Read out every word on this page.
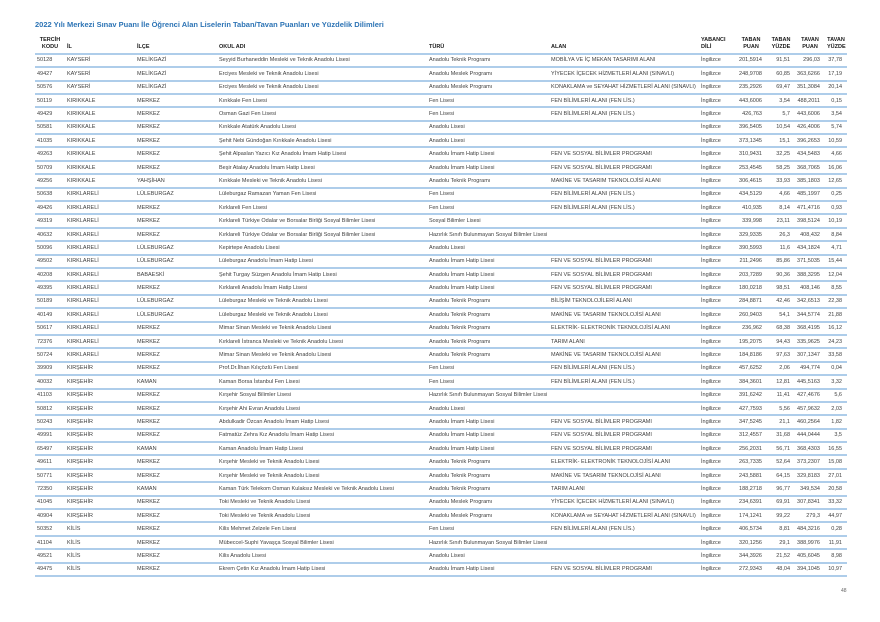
2022 Yılı Merkezi Sınav Puanı İle Öğrenci Alan Liselerin Taban/Tavan Puanları ve Yüzdelik Dilimleri
TERCİH KODU	İL	İLÇE	OKUL ADI	TÜRÜ	ALAN	YABANCI DİLİ	TABAN PUAN	TABAN YÜZDE	TAVAN PUAN	TAVAN YÜZDE
50128	KAYSERİ	MELİKGAZİ	Seyyid Burhaneddin Mesleki ve Teknik Anadolu Lisesi	Anadolu Teknik Programı	MOBİLYA VE İÇ MEKAN TASARIMI ALANI	İngilizce	201,5914	91,51	296,03	37,78
49427	KAYSERİ	MELİKGAZİ	Erciyes Mesleki ve Teknik Anadolu Lisesi	Anadolu Meslek Programı	YİYECEK İÇECEK HİZMETLERİ ALANI (SINAVLI)	İngilizce	248,9708	60,85	363,6266	17,19
50576	KAYSERİ	MELİKGAZİ	Erciyes Mesleki ve Teknik Anadolu Lisesi	Anadolu Meslek Programı	KONAKLAMA ve SEYAHAT HİZMETLERİ ALANI (SINAVLI)	İngilizce	235,2926	69,47	351,3084	20,14
50119	KIRIKKALE	MERKEZ	Kırıkkale Fen Lisesi	Fen Lisesi	FEN BİLİMLERİ ALANI (FEN LİS.)	İngilizce	443,6006	3,54	488,2011	0,15
49429	KIRIKKALE	MERKEZ	Osman Gazi Fen Lisesi	Fen Lisesi	FEN BİLİMLERİ ALANI (FEN LİS.)	İngilizce	426,763	5,7	443,6006	3,54
50581	KIRIKKALE	MERKEZ	Kırıkkale Atatürk Anadolu Lisesi	Anadolu Lisesi		İngilizce	396,5405	10,54	426,4006	5,74
41035	KIRIKKALE	MERKEZ	Şehit Nebi Gündoğan Kırıkkale Anadolu Lisesi	Anadolu Lisesi		İngilizce	373,1345	15,1	396,2653	10,59
49263	KIRIKKALE	MERKEZ	Şehit Alpaslan Yazıcı Kız Anadolu İmam Hatip Lisesi	Anadolu İmam Hatip Lisesi	FEN VE SOSYAL BİLİMLER PROGRAMI	İngilizce	310,9431	32,25	434,5483	4,66
50709	KIRIKKALE	MERKEZ	Beşir Atalay Anadolu İmam Hatip Lisesi	Anadolu İmam Hatip Lisesi	FEN VE SOSYAL BİLİMLER PROGRAMI	İngilizce	253,4545	58,25	368,7065	16,06
49256	KIRIKKALE	YAHŞİHAN	Kırıkkale Mesleki ve Teknik Anadolu Lisesi	Anadolu Teknik Programı	MAKİNE VE TASARIM TEKNOLOJİSİ ALANI	İngilizce	306,4615	33,93	385,1803	12,65
50638	KIRKLARELİ	LÜLEBURGAZ	Lüleburgaz Ramazan Yaman Fen Lisesi	Fen Lisesi	FEN BİLİMLERİ ALANI (FEN LİS.)	İngilizce	434,5129	4,66	485,1997	0,25
49426	KIRKLARELİ	MERKEZ	Kırklareli Fen Lisesi	Fen Lisesi	FEN BİLİMLERİ ALANI (FEN LİS.)	İngilizce	410,935	8,14	471,4716	0,93
49319	KIRKLARELİ	MERKEZ	Kırklareli Türkiye Odalar ve Borsalar Birliği Sosyal Bilimler Lisesi	Sosyal Bilimler Lisesi		İngilizce	339,998	23,11	398,5124	10,19
40632	KIRKLARELİ	MERKEZ	Kırklareli Türkiye Odalar ve Borsalar Birliği Sosyal Bilimler Lisesi	Hazırlık Sınıfı Bulunmayan Sosyal Bilimler Lisesi		İngilizce	329,9335	26,3	408,432	8,84
50096	KIRKLARELİ	LÜLEBURGAZ	Kepirtepe Anadolu Lisesi	Anadolu Lisesi		İngilizce	390,5993	11,6	434,1824	4,71
49502	KIRKLARELİ	LÜLEBURGAZ	Lüleburgaz Anadolu İmam Hatip Lisesi	Anadolu İmam Hatip Lisesi	FEN VE SOSYAL BİLİMLER PROGRAMI	İngilizce	211,2496	85,86	371,5035	15,44
40208	KIRKLARELİ	BABAESKİ	Şehit Turgay Süzgen Anadolu İmam Hatip Lisesi	Anadolu İmam Hatip Lisesi	FEN VE SOSYAL BİLİMLER PROGRAMI	İngilizce	203,7289	90,36	388,3295	12,04
49395	KIRKLARELİ	MERKEZ	Kırklareli Anadolu İmam Hatip Lisesi	Anadolu İmam Hatip Lisesi	FEN VE SOSYAL BİLİMLER PROGRAMI	İngilizce	180,0218	98,51	408,146	8,55
50189	KIRKLARELİ	LÜLEBURGAZ	Lüleburgaz Mesleki ve Teknik Anadolu Lisesi	Anadolu Teknik Programı	BİLİŞİM TEKNOLOJİLERİ ALANI	İngilizce	284,8871	42,46	342,6513	22,38
40149	KIRKLARELİ	LÜLEBURGAZ	Lüleburgaz Mesleki ve Teknik Anadolu Lisesi	Anadolu Teknik Programı	MAKİNE VE TASARIM TEKNOLOJİSİ ALANI	İngilizce	260,9403	54,1	344,5774	21,88
50617	KIRKLARELİ	MERKEZ	Mimar Sinan Mesleki ve Teknik Anadolu Lisesi	Anadolu Teknik Programı	ELEKTRİK- ELEKTRONİK TEKNOLOJİSİ ALANI	İngilizce	236,962	68,38	368,4195	16,12
72376	KIRKLARELİ	MERKEZ	Kırklareli İstranca Mesleki ve Teknik Anadolu Lisesi	Anadolu Teknik Programı	TARIM ALANI	İngilizce	195,2075	94,43	335,9625	24,23
50724	KIRKLARELİ	MERKEZ	Mimar Sinan Mesleki ve Teknik Anadolu Lisesi	Anadolu Teknik Programı	MAKİNE VE TASARIM TEKNOLOJİSİ ALANI	İngilizce	184,8186	97,63	307,1347	33,58
39909	KIRŞEHİR	MERKEZ	Prof.Dr.İlhan Kılıçözlü Fen Lisesi	Fen Lisesi	FEN BİLİMLERİ ALANI (FEN LİS.)	İngilizce	457,6252	2,06	494,774	0,04
40032	KIRŞEHİR	KAMAN	Kaman Borsa İstanbul Fen Lisesi	Fen Lisesi	FEN BİLİMLERİ ALANI (FEN LİS.)	İngilizce	384,3601	12,81	445,5163	3,32
41103	KIRŞEHİR	MERKEZ	Kırşehir Sosyal Bilimler Lisesi	Hazırlık Sınıfı Bulunmayan Sosyal Bilimler Lisesi		İngilizce	391,6242	11,41	427,4676	5,6
50812	KIRŞEHİR	MERKEZ	Kırşehir Ahi Evran Anadolu Lisesi	Anadolu Lisesi		İngilizce	427,7593	5,56	457,9632	2,03
50243	KIRŞEHİR	MERKEZ	Abdulkadir Özcan Anadolu İmam Hatip Lisesi	Anadolu İmam Hatip Lisesi	FEN VE SOSYAL BİLİMLER PROGRAMI	İngilizce	347,5245	21,1	460,2564	1,82
49991	KIRŞEHİR	MERKEZ	Fatmatüz Zehra Kız Anadolu İmam Hatip Lisesi	Anadolu İmam Hatip Lisesi	FEN VE SOSYAL BİLİMLER PROGRAMI	İngilizce	312,4557	31,68	444,0444	3,5
65497	KIRŞEHİR	KAMAN	Kaman Anadolu İmam Hatip Lisesi	Anadolu İmam Hatip Lisesi	FEN VE SOSYAL BİLİMLER PROGRAMI	İngilizce	256,2031	56,71	368,4303	16,55
49611	KIRŞEHİR	MERKEZ	Kırşehir Mesleki ve Teknik Anadolu Lisesi	Anadolu Teknik Programı	ELEKTRİK- ELEKTRONİK TEKNOLOJİSİ ALANI	İngilizce	263,7335	52,64	373,2307	15,08
50771	KIRŞEHİR	MERKEZ	Kırşehir Mesleki ve Teknik Anadolu Lisesi	Anadolu Teknik Programı	MAKİNE VE TASARIM TEKNOLOJİSİ ALANI	İngilizce	243,5881	64,15	329,8183	27,01
72350	KIRŞEHİR	KAMAN	Kaman Türk Telekom Osman Kulaksız Mesleki ve Teknik Anadolu Lisesi	Anadolu Teknik Programı	TARIM ALANI	İngilizce	188,2718	96,77	349,534	20,58
41045	KIRŞEHİR	MERKEZ	Toki Mesleki ve Teknik Anadolu Lisesi	Anadolu Meslek Programı	YİYECEK İÇECEK HİZMETLERİ ALANI (SINAVLI)	İngilizce	234,6391	69,91	307,8341	33,32
40904	KIRŞEHİR	MERKEZ	Toki Mesleki ve Teknik Anadolu Lisesi	Anadolu Meslek Programı	KONAKLAMA ve SEYAHAT HİZMETLERİ ALANI (SINAVLI)	İngilizce	174,1241	99,22	279,3	44,97
50352	KİLİS	MERKEZ	Kilis Mehmet Zelzele Fen Lisesi	Fen Lisesi	FEN BİLİMLERİ ALANI (FEN LİS.)	İngilizce	406,5734	8,81	484,3216	0,28
41104	KİLİS	MERKEZ	Mübeccel-Suphi Yavaşça Sosyal Bilimler Lisesi	Hazırlık Sınıfı Bulunmayan Sosyal Bilimler Lisesi		İngilizce	320,1256	29,1	388,9976	11,91
49521	KİLİS	MERKEZ	Kilis Anadolu Lisesi	Anadolu Lisesi		İngilizce	344,3926	21,52	405,6045	8,98
49475	KİLİS	MERKEZ	Ekrem Çetin Kız Anadolu İmam Hatip Lisesi	Anadolu İmam Hatip Lisesi	FEN VE SOSYAL BİLİMLER PROGRAMI	İngilizce	272,9343	48,04	394,1045	10,97
48
